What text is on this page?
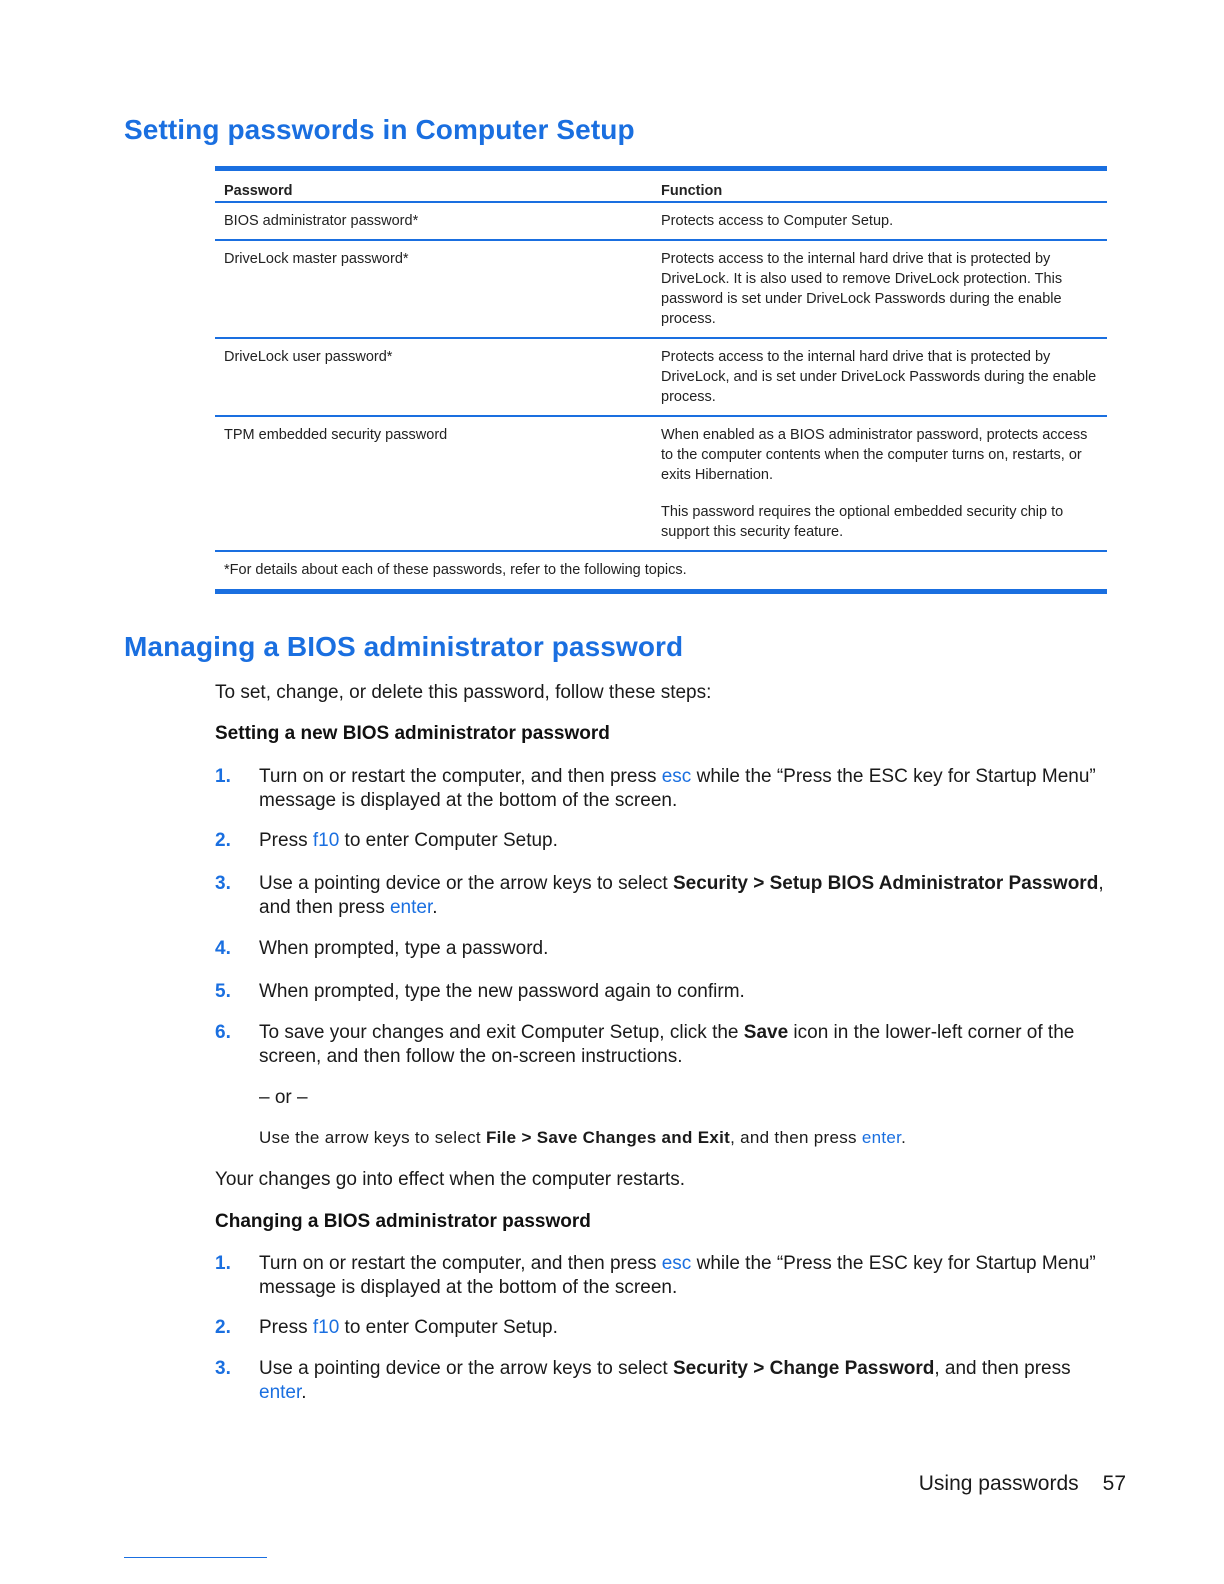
Setting passwords in Computer Setup
Password	Function
BIOS administrator password*	Protects access to Computer Setup.

DriveLock master password*	Protects access to the internal hard drive that is protected by DriveLock. It is also used to remove DriveLock protection. This password is set under DriveLock Passwords during the enable process.

DriveLock user password*	Protects access to the internal hard drive that is protected by DriveLock, and is set under DriveLock Passwords during the enable process.

TPM embedded security password	When enabled as a BIOS administrator password, protects access to the computer contents when the computer turns on, restarts, or exits Hibernation.

This password requires the optional embedded security chip to support this security feature.

*For details about each of these passwords, refer to the following topics.
Managing a BIOS administrator password

To set, change, or delete this password, follow these steps:

Setting a new BIOS administrator password

1. Turn on or restart the computer, and then press esc while the “Press the ESC key for Startup Menu” message is displayed at the bottom of the screen.
2. Press f10 to enter Computer Setup.
3. Use a pointing device or the arrow keys to select Security > Setup BIOS Administrator Password, and then press enter.
4. When prompted, type a password.
5. When prompted, type the new password again to confirm.
6. To save your changes and exit Computer Setup, click the Save icon in the lower-left corner of the screen, and then follow the on-screen instructions.

– or –

Use the arrow keys to select File > Save Changes and Exit, and then press enter.

Your changes go into effect when the computer restarts.

Changing a BIOS administrator password

1. Turn on or restart the computer, and then press esc while the “Press the ESC key for Startup Menu” message is displayed at the bottom of the screen.
2. Press f10 to enter Computer Setup.
3. Use a pointing device or the arrow keys to select Security > Change Password, and then press enter.
Using passwords 57
